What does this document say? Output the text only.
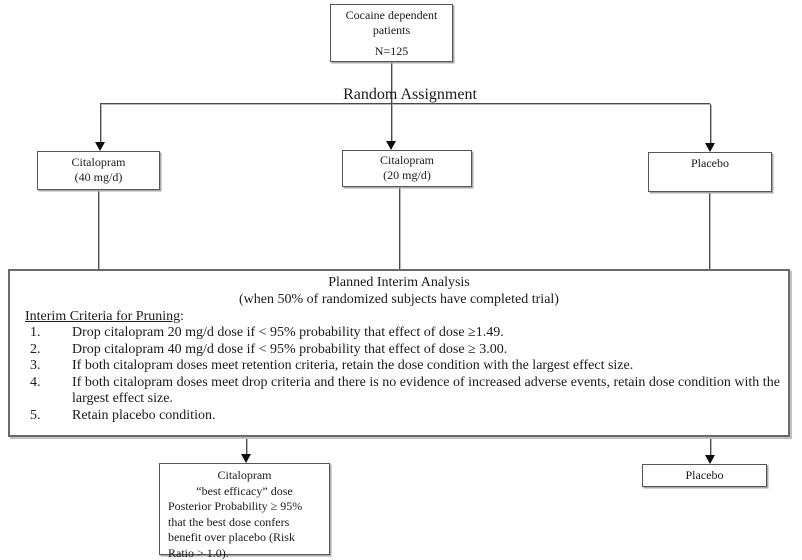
Random Assignment
Cocaine dependent
patients
N=125
Citalopram
(40 mg/d)
Citalopram
(20 mg/d)
Placebo
Planned Interim Analysis
(when 50% of randomized subjects have completed trial)
Interim Criteria for Pruning:
1.	Drop citalopram 20 mg/d dose if < 95% probability that effect of dose ≥1.49.
2.	Drop citalopram 40 mg/d dose if < 95% probability that effect of dose ≥ 3.00.
3.	If both citalopram doses meet retention criteria, retain the dose condition with the largest effect size.
4.	If both citalopram doses meet drop criteria and there is no evidence of increased adverse events, retain dose condition with the largest effect size.
5.	Retain placebo condition.
Citalopram
“best efficacy” dose
Posterior Probability ≥ 95%
that the best dose confers
benefit over placebo (Risk
Ratio > 1.0).
Placebo
